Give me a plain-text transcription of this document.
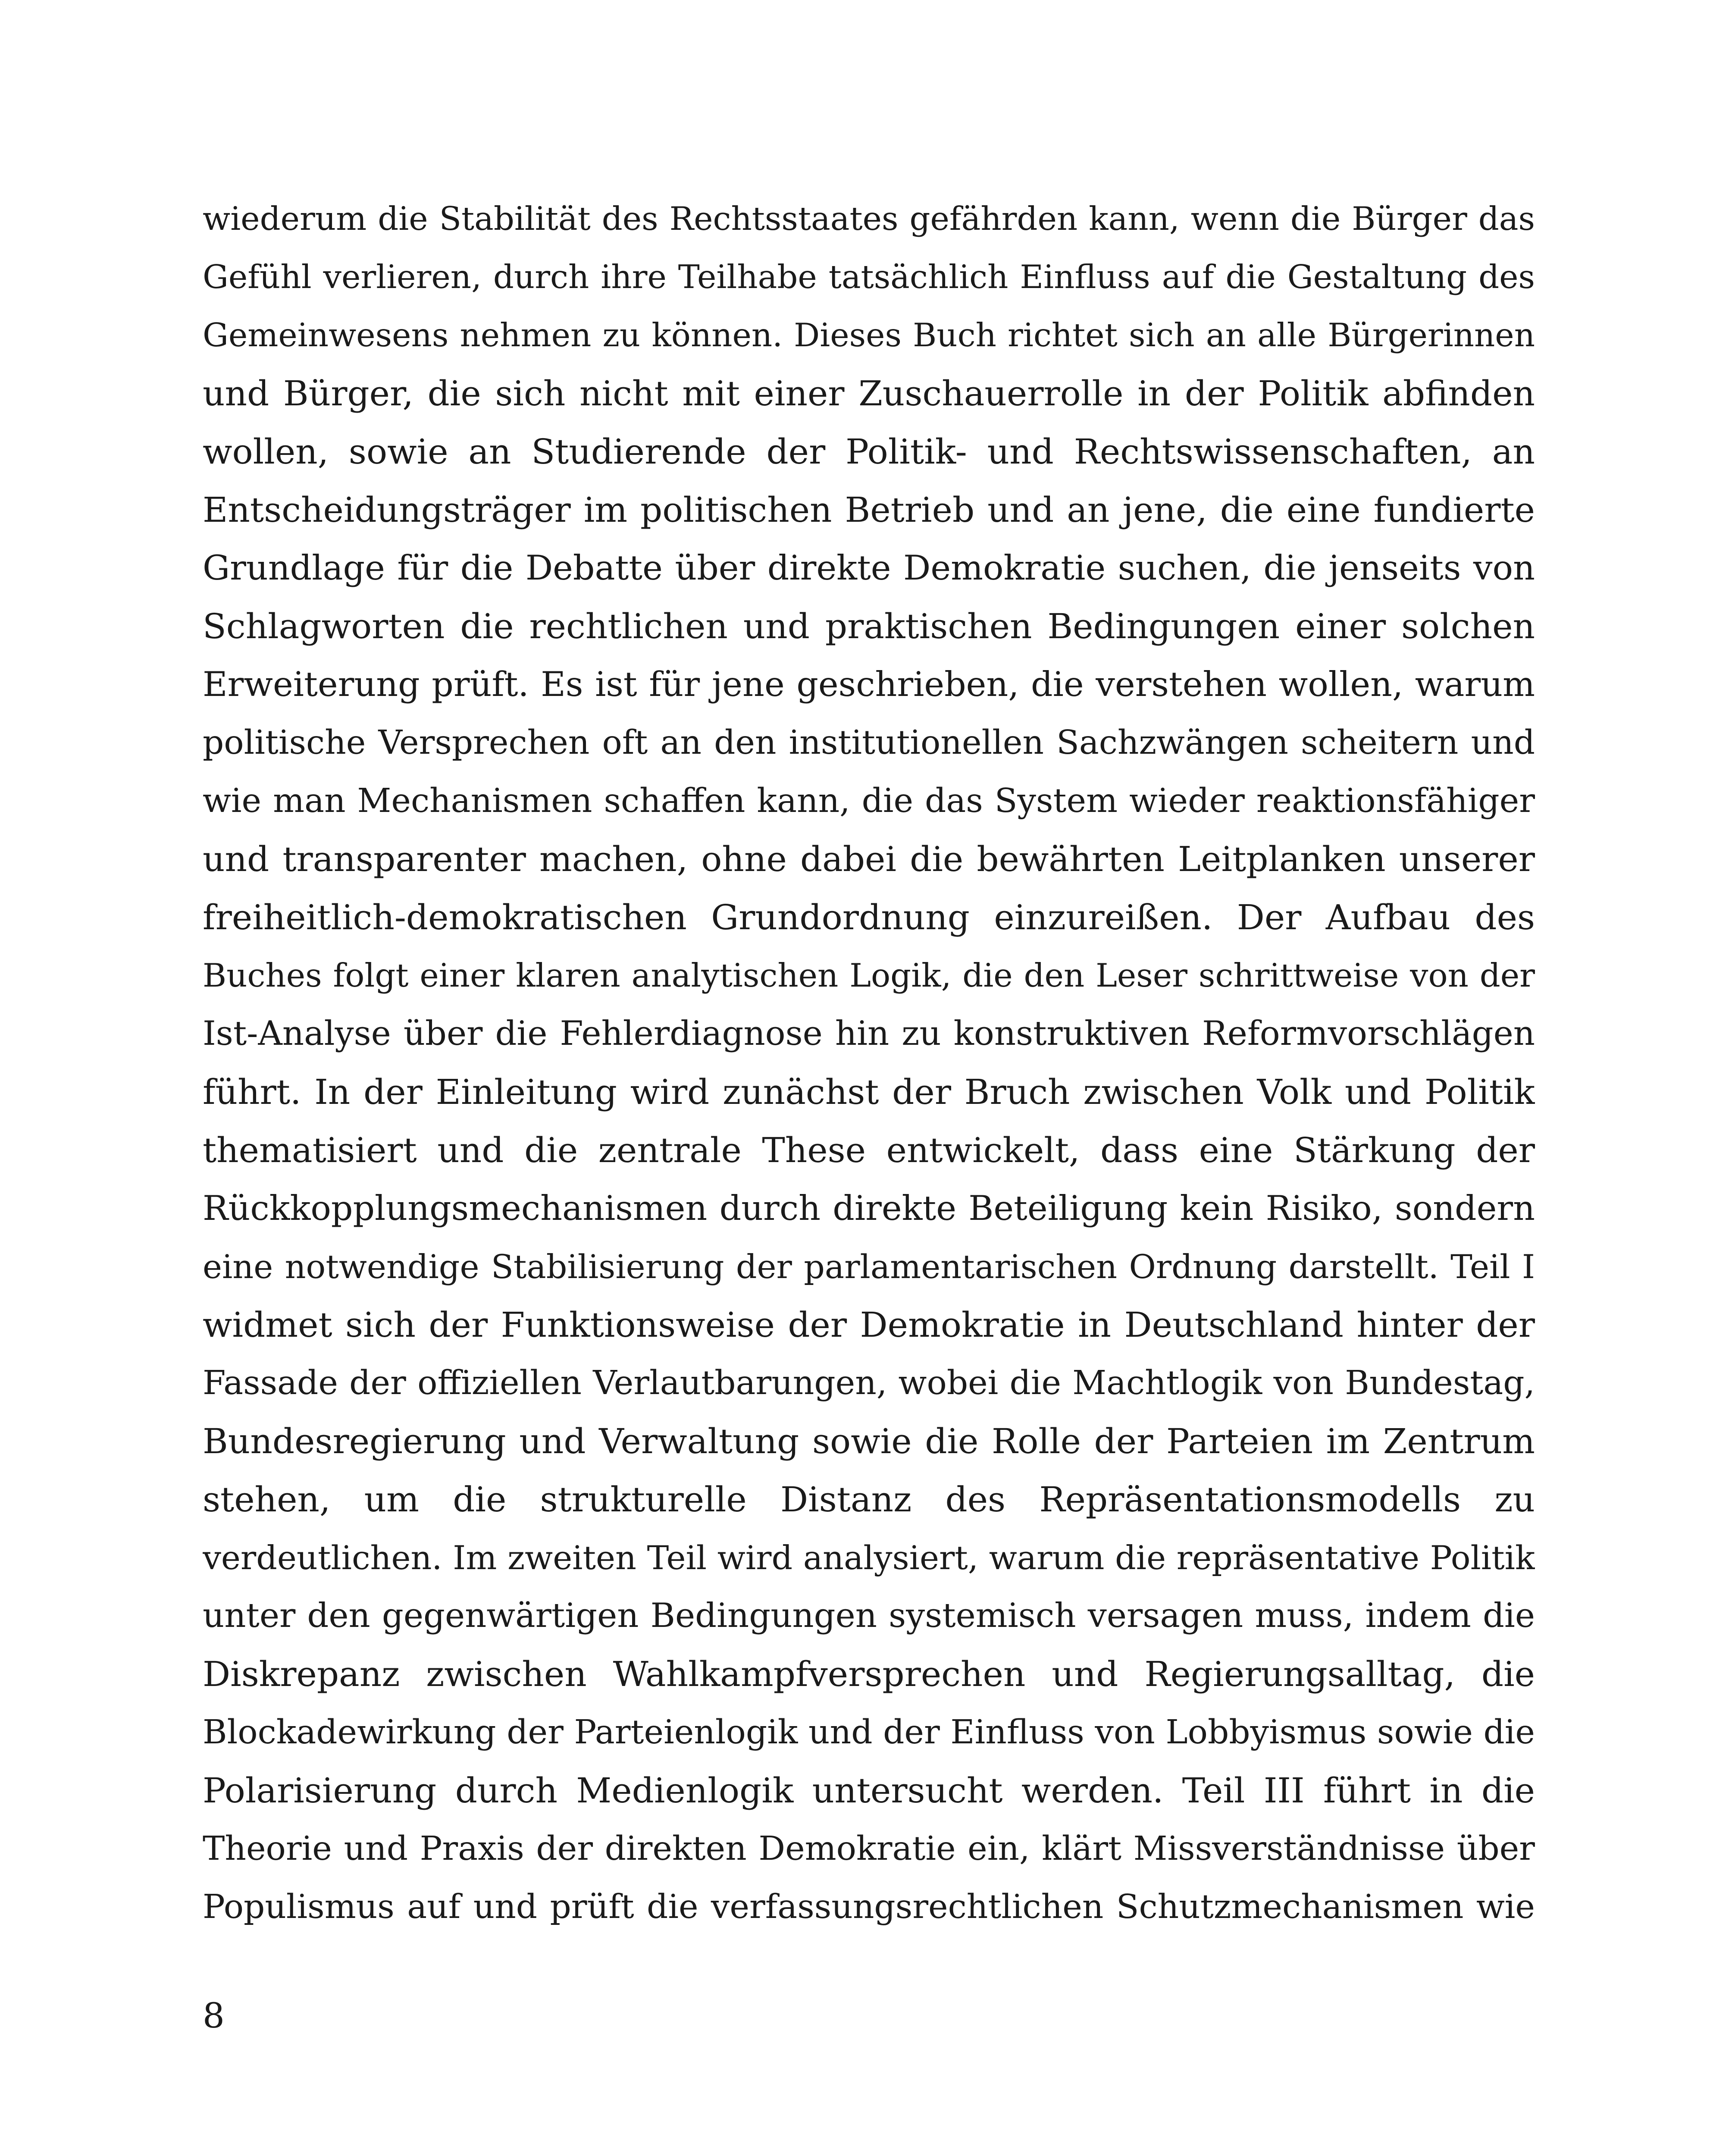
wiederum die Stabilität des Rechtsstaates gefährden kann, wenn die Bürger das
Gefühl verlieren, durch ihre Teilhabe tatsächlich Einfluss auf die Gestaltung des
Gemeinwesens nehmen zu können. Dieses Buch richtet sich an alle Bürgerinnen
und Bürger, die sich nicht mit einer Zuschauerrolle in der Politik abfinden
wollen, sowie an Studierende der Politik- und Rechtswissenschaften, an
Entscheidungsträger im politischen Betrieb und an jene, die eine fundierte
Grundlage für die Debatte über direkte Demokratie suchen, die jenseits von
Schlagworten die rechtlichen und praktischen Bedingungen einer solchen
Erweiterung prüft. Es ist für jene geschrieben, die verstehen wollen, warum
politische Versprechen oft an den institutionellen Sachzwängen scheitern und
wie man Mechanismen schaffen kann, die das System wieder reaktionsfähiger
und transparenter machen, ohne dabei die bewährten Leitplanken unserer
freiheitlich-demokratischen Grundordnung einzureißen. Der Aufbau des
Buches folgt einer klaren analytischen Logik, die den Leser schrittweise von der
Ist-Analyse über die Fehlerdiagnose hin zu konstruktiven Reformvorschlägen
führt. In der Einleitung wird zunächst der Bruch zwischen Volk und Politik
thematisiert und die zentrale These entwickelt, dass eine Stärkung der
Rückkopplungsmechanismen durch direkte Beteiligung kein Risiko, sondern
eine notwendige Stabilisierung der parlamentarischen Ordnung darstellt. Teil I
widmet sich der Funktionsweise der Demokratie in Deutschland hinter der
Fassade der offiziellen Verlautbarungen, wobei die Machtlogik von Bundestag,
Bundesregierung und Verwaltung sowie die Rolle der Parteien im Zentrum
stehen, um die strukturelle Distanz des Repräsentationsmodells zu
verdeutlichen. Im zweiten Teil wird analysiert, warum die repräsentative Politik
unter den gegenwärtigen Bedingungen systemisch versagen muss, indem die
Diskrepanz zwischen Wahlkampfversprechen und Regierungsalltag, die
Blockadewirkung der Parteienlogik und der Einfluss von Lobbyismus sowie die
Polarisierung durch Medienlogik untersucht werden. Teil III führt in die
Theorie und Praxis der direkten Demokratie ein, klärt Missverständnisse über
Populismus auf und prüft die verfassungsrechtlichen Schutzmechanismen wie
8
